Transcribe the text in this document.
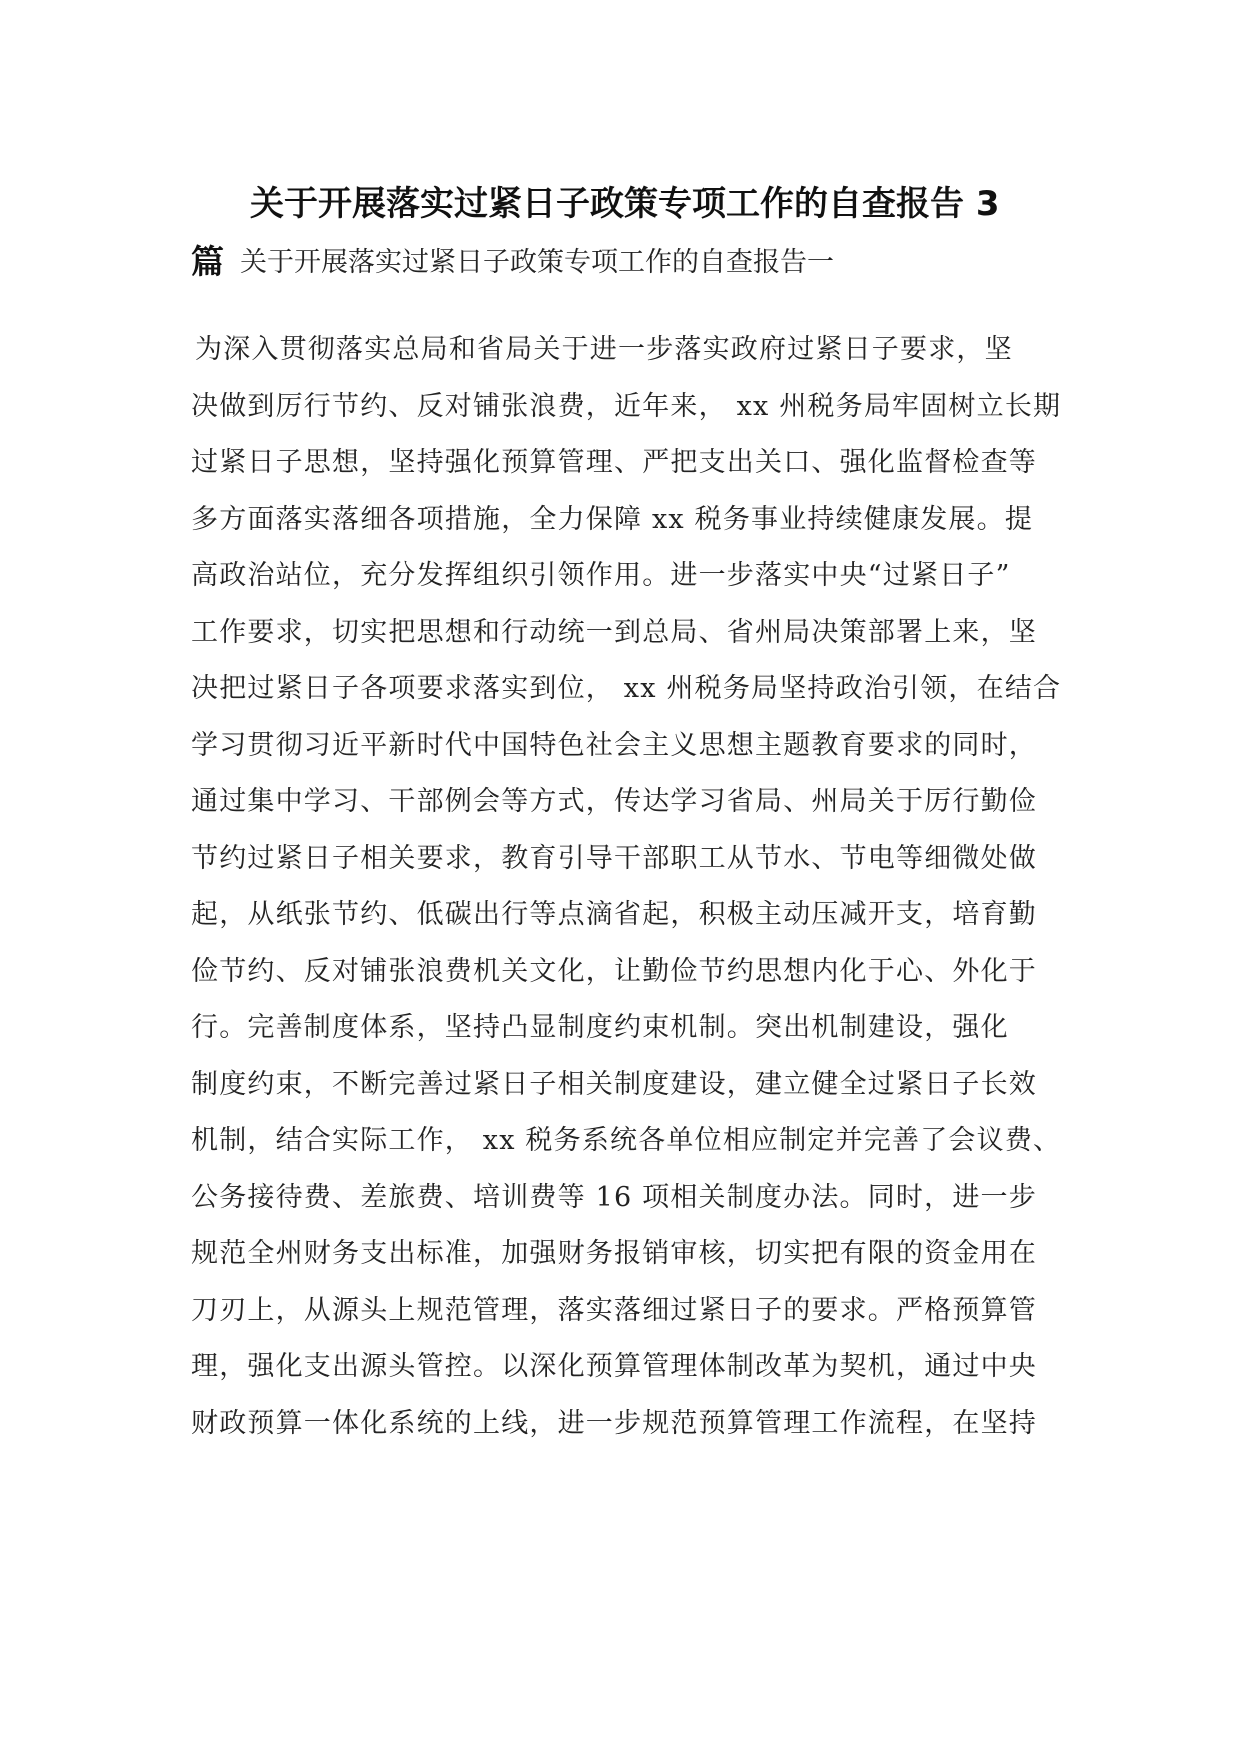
关于开展落实过紧日子政策专项工作的自查报告 3
篇 关于开展落实过紧日子政策专项工作的自查报告一
为深入贯彻落实总局和省局关于进一步落实政府过紧日子要求，坚
决做到厉行节约、反对铺张浪费，近年来， xx 州税务局牢固树立长期
过紧日子思想，坚持强化预算管理、严把支出关口、强化监督检查等
多方面落实落细各项措施，全力保障 xx 税务事业持续健康发展。提
高政治站位，充分发挥组织引领作用。进一步落实中央“过紧日子”
工作要求，切实把思想和行动统一到总局、省州局决策部署上来，坚
决把过紧日子各项要求落实到位， xx 州税务局坚持政治引领，在结合
学习贯彻习近平新时代中国特色社会主义思想主题教育要求的同时，
通过集中学习、干部例会等方式，传达学习省局、州局关于厉行勤俭
节约过紧日子相关要求，教育引导干部职工从节水、节电等细微处做
起，从纸张节约、低碳出行等点滴省起，积极主动压减开支，培育勤
俭节约、反对铺张浪费机关文化，让勤俭节约思想内化于心、外化于
行。完善制度体系，坚持凸显制度约束机制。突出机制建设，强化
制度约束，不断完善过紧日子相关制度建设，建立健全过紧日子长效
机制，结合实际工作， xx 税务系统各单位相应制定并完善了会议费、
公务接待费、差旅费、培训费等 16 项相关制度办法。同时，进一步
规范全州财务支出标准，加强财务报销审核，切实把有限的资金用在
刀刃上，从源头上规范管理，落实落细过紧日子的要求。严格预算管
理，强化支出源头管控。以深化预算管理体制改革为契机，通过中央
财政预算一体化系统的上线，进一步规范预算管理工作流程，在坚持
